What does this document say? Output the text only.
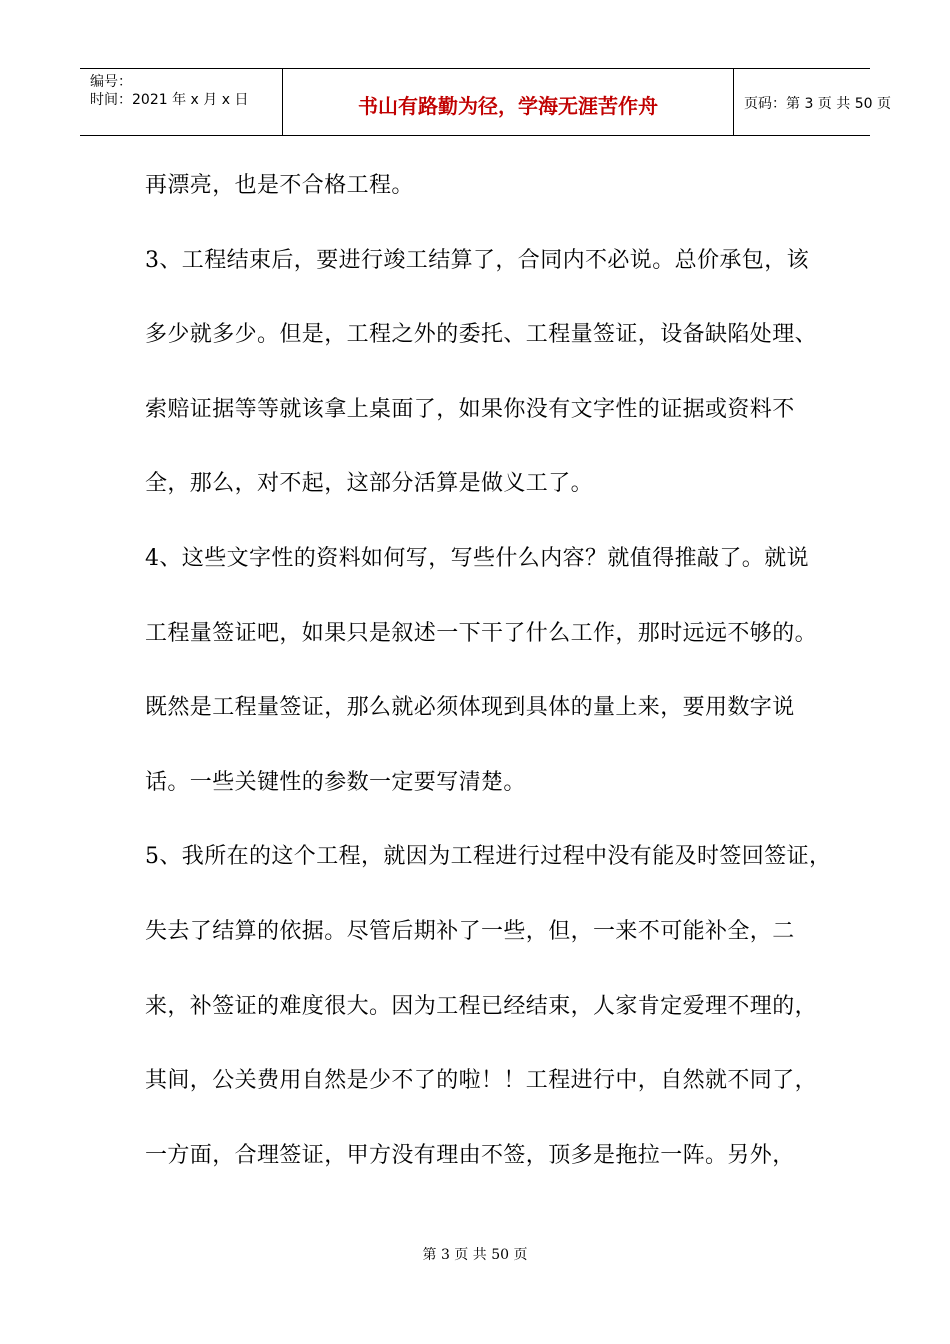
编号：
时间：2021 年 x 月 x 日	书山有路勤为径，学海无涯苦作舟	页码：第 3 页 共 50 页
再漂亮，也是不合格工程。
3、工程结束后，要进行竣工结算了，合同内不必说。总价承包，该
多少就多少。但是，工程之外的委托、工程量签证，设备缺陷处理、
索赔证据等等就该拿上桌面了，如果你没有文字性的证据或资料不
全，那么，对不起，这部分活算是做义工了。
4、这些文字性的资料如何写，写些什么内容？就值得推敲了。就说
工程量签证吧，如果只是叙述一下干了什么工作，那时远远不够的。
既然是工程量签证，那么就必须体现到具体的量上来，要用数字说
话。一些关键性的参数一定要写清楚。
5、我所在的这个工程，就因为工程进行过程中没有能及时签回签证，
失去了结算的依据。尽管后期补了一些，但，一来不可能补全，二
来，补签证的难度很大。因为工程已经结束，人家肯定爱理不理的，
其间，公关费用自然是少不了的啦！！工程进行中，自然就不同了，
一方面，合理签证，甲方没有理由不签，顶多是拖拉一阵。另外，
第 3 页 共 50 页
